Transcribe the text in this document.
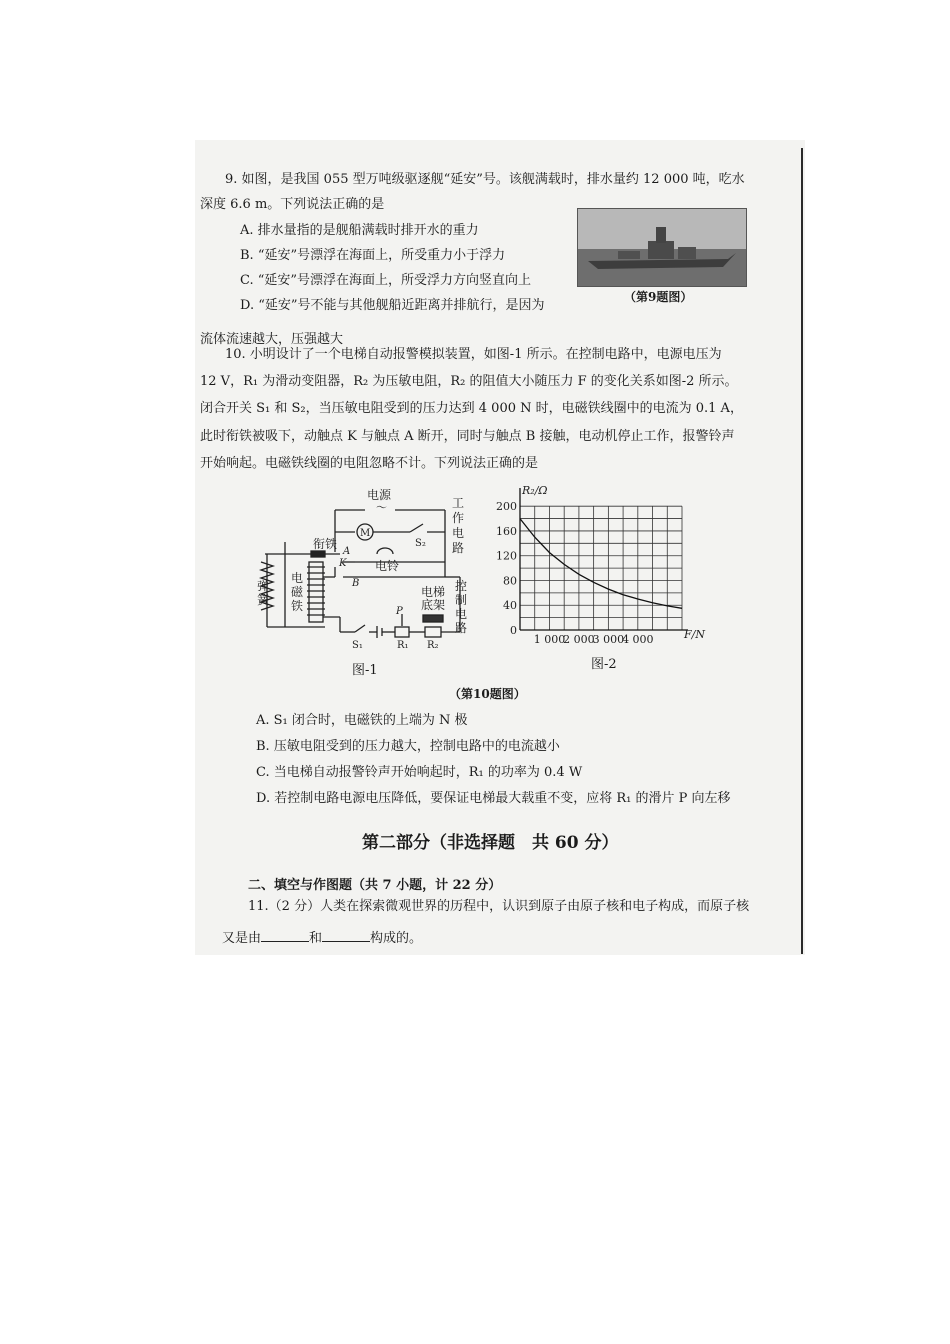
9. 如图，是我国 055 型万吨级驱逐舰“延安”号。该舰满载时，排水量约 12 000 吨，吃水
深度 6.6 m。下列说法正确的是
A. 排水量指的是舰船满载时排开水的重力
B. “延安”号漂浮在海面上，所受重力小于浮力
C. “延安”号漂浮在海面上，所受浮力方向竖直向上
D. “延安”号不能与其他舰船近距离并排航行，是因为
流体流速越大，压强越大
（第9题图）
10. 小明设计了一个电梯自动报警模拟装置，如图-1 所示。在控制电路中，电源电压为
12 V，R₁ 为滑动变阻器，R₂ 为压敏电阻，R₂ 的阻值大小随压力 F 的变化关系如图-2 所示。
闭合开关 S₁ 和 S₂，当压敏电阻受到的压力达到 4 000 N 时，电磁铁线圈中的电流为 0.1 A，
此时衔铁被吸下，动触点 K 与触点 A 断开，同时与触点 B 接触，电动机停止工作，报警铃声
开始响起。电磁铁线圈的电阻忽略不计。下列说法正确的是
电源
～	工
作
电
路
M
S₂
衔铁
A
K
B
电铃
弹
簧
电
磁
铁
控
制
电
路
电梯
底架
P
S₁	R₁ R₂
图-1
0
40
80
120
160
200
1 000
2 000
3 000
4 000
R₂/Ω
F/N
图-2
（第10题图）
A. S₁ 闭合时，电磁铁的上端为 N 极
B. 压敏电阻受到的压力越大，控制电路中的电流越小
C. 当电梯自动报警铃声开始响起时，R₁ 的功率为 0.4 W
D. 若控制电路电源电压降低，要保证电梯最大载重不变，应将 R₁ 的滑片 P 向左移
第二部分（非选择题　共 60 分）
二、填空与作图题（共 7 小题，计 22 分）
11.（2 分）人类在探索微观世界的历程中，认识到原子由原子核和电子构成，而原子核
又是由	和	构成的。
